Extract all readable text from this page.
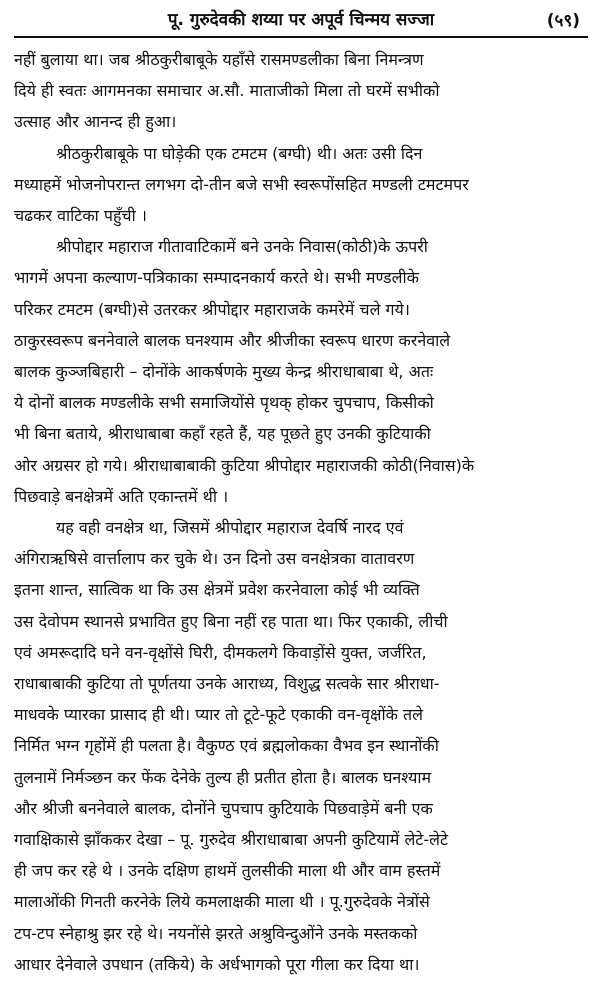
पू. गुरुदेवकी शय्या पर अपूर्व चिन्मय सज्जा	(५९)
नहीं बुलाया था। जब श्रीठकुरीबाबूके यहाँसे रासमण्डलीका बिना निमन्त्रण
दिये ही स्वतः आगमनका समाचार अ.सौ. माताजीको मिला तो घरमें सभीको
उत्साह और आनन्द ही हुआ।
श्रीठकुरीबाबूके पा घोड़ेकी एक टमटम (बग्घी) थी। अतः उसी दिन
मध्याहमें भोजनोपरान्त लगभग दो-तीन बजे सभी स्वरूपोंसहित मण्डली टमटमपर
चढकर वाटिका पहुँची ।
श्रीपोद्दार महाराज गीतावाटिकामें बने उनके निवास(कोठी)के ऊपरी
भागमें अपना कल्याण-पत्रिकाका सम्पादनकार्य करते थे। सभी मण्डलीके
परिकर टमटम (बग्घी)से उतरकर श्रीपोद्दार महाराजके कमरेमें चले गये।
ठाकुरस्वरूप बननेवाले बालक घनश्याम और श्रीजीका स्वरूप धारण करनेवाले
बालक कुञ्जबिहारी – दोनोंके आकर्षणके मुख्य केन्द्र श्रीराधाबाबा थे, अतः
ये दोनों बालक मण्डलीके सभी समाजियोंसे पृथक् होकर चुपचाप, किसीको
भी बिना बताये, श्रीराधाबाबा कहाँ रहते हैं, यह पूछते हुए उनकी कुटियाकी
ओर अग्रसर हो गये। श्रीराधाबाबाकी कुटिया श्रीपोद्दार महाराजकी कोठी(निवास)के
पिछवाड़े बनक्षेत्रमें अति एकान्तमें थी ।
यह वही वनक्षेत्र था, जिसमें श्रीपोद्दार महाराज देवर्षि नारद एवं
अंगिराऋषिसे वार्त्तालाप कर चुके थे। उन दिनो उस वनक्षेत्रका वातावरण
इतना शान्त, सात्विक था कि उस क्षेत्रमें प्रवेश करनेवाला कोई भी व्यक्ति
उस देवोपम स्थानसे प्रभावित हुए बिना नहीं रह पाता था। फिर एकाकी, लीची
एवं अमरूदादि घने वन-वृक्षोंसे घिरी, दीमकलगे किवाड़ोंसे युक्त, जर्जरित,
राधाबाबाकी कुटिया तो पूर्णतया उनके आराध्य, विशुद्ध सत्वके सार श्रीराधा-
माधवके प्यारका प्रासाद ही थी। प्यार तो टूटे-फूटे एकाकी वन-वृक्षोंके तले
निर्मित भग्न गृहोंमें ही पलता है। वैकुण्ठ एवं ब्रह्मलोकका वैभव इन स्थानोंकी
तुलनामें निर्मञ्छन कर फेंक देनेके तुल्य ही प्रतीत होता है। बालक घनश्याम
और श्रीजी बननेवाले बालक, दोनोंने चुपचाप कुटियाके पिछवाड़ेमें बनी एक
गवाक्षिकासे झाँककर देखा – पू. गुरुदेव श्रीराधाबाबा अपनी कुटियामें लेटे-लेटे
ही जप कर रहे थे । उनके दक्षिण हाथमें तुलसीकी माला थी और वाम हस्तमें
मालाओंकी गिनती करनेके लिये कमलाक्षकी माला थी । पू.गुरुदेवके नेत्रोंसे
टप-टप स्नेहाश्रु झर रहे थे। नयनोंसे झरते अश्रुविन्दुओंने उनके मस्तकको
आधार देनेवाले उपधान (तकिये) के अर्धभागको पूरा गीला कर दिया था।
